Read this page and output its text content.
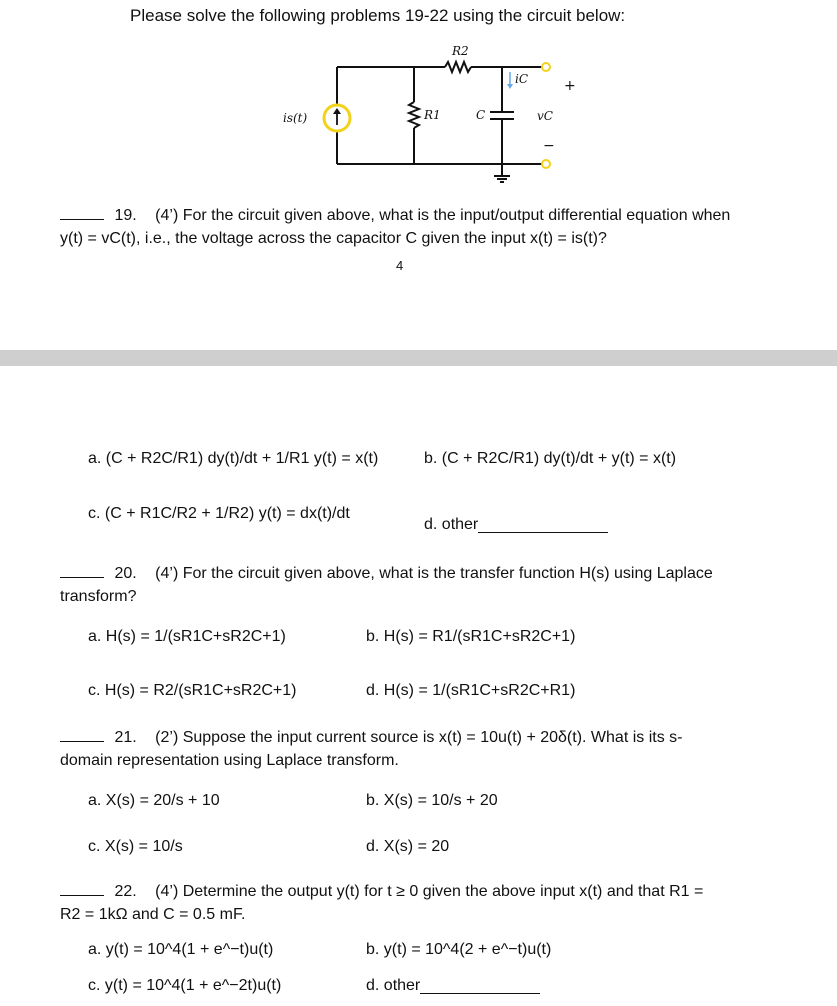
Please solve the following problems 19-22 using the circuit below:
is(t)	R1
R2
C
iC
vC
+
−
19. (4’) For the circuit given above, what is the input/output differential equation when
y(t) = vC(t), i.e., the voltage across the capacitor C given the input x(t) = is(t)?
4
a. (C + R2C/R1) dy(t)/dt + 1/R1 y(t) = x(t)	b. (C + R2C/R1) dy(t)/dt + y(t) = x(t)
c. (C + R1C/R2 + 1/R2) y(t) = dx(t)/dt
d. other
20. (4’) For the circuit given above, what is the transfer function H(s) using Laplace
transform?
a. H(s) = 1/(sR1C+sR2C+1)	b. H(s) = R1/(sR1C+sR2C+1)
c. H(s) = R2/(sR1C+sR2C+1)	d. H(s) = 1/(sR1C+sR2C+R1)
21. (2’) Suppose the input current source is x(t) = 10u(t) + 20δ(t). What is its s-
domain representation using Laplace transform.
a. X(s) = 20/s + 10	b. X(s) = 10/s + 20
c. X(s) = 10/s	d. X(s) = 20
22. (4’) Determine the output y(t) for t ≥ 0 given the above input x(t) and that R1 =
R2 = 1kΩ and C = 0.5 mF.
a. y(t) = 10^4(1 + e^−t)u(t)	b. y(t) = 10^4(2 + e^−t)u(t)
c. y(t) = 10^4(1 + e^−2t)u(t)	d. other
